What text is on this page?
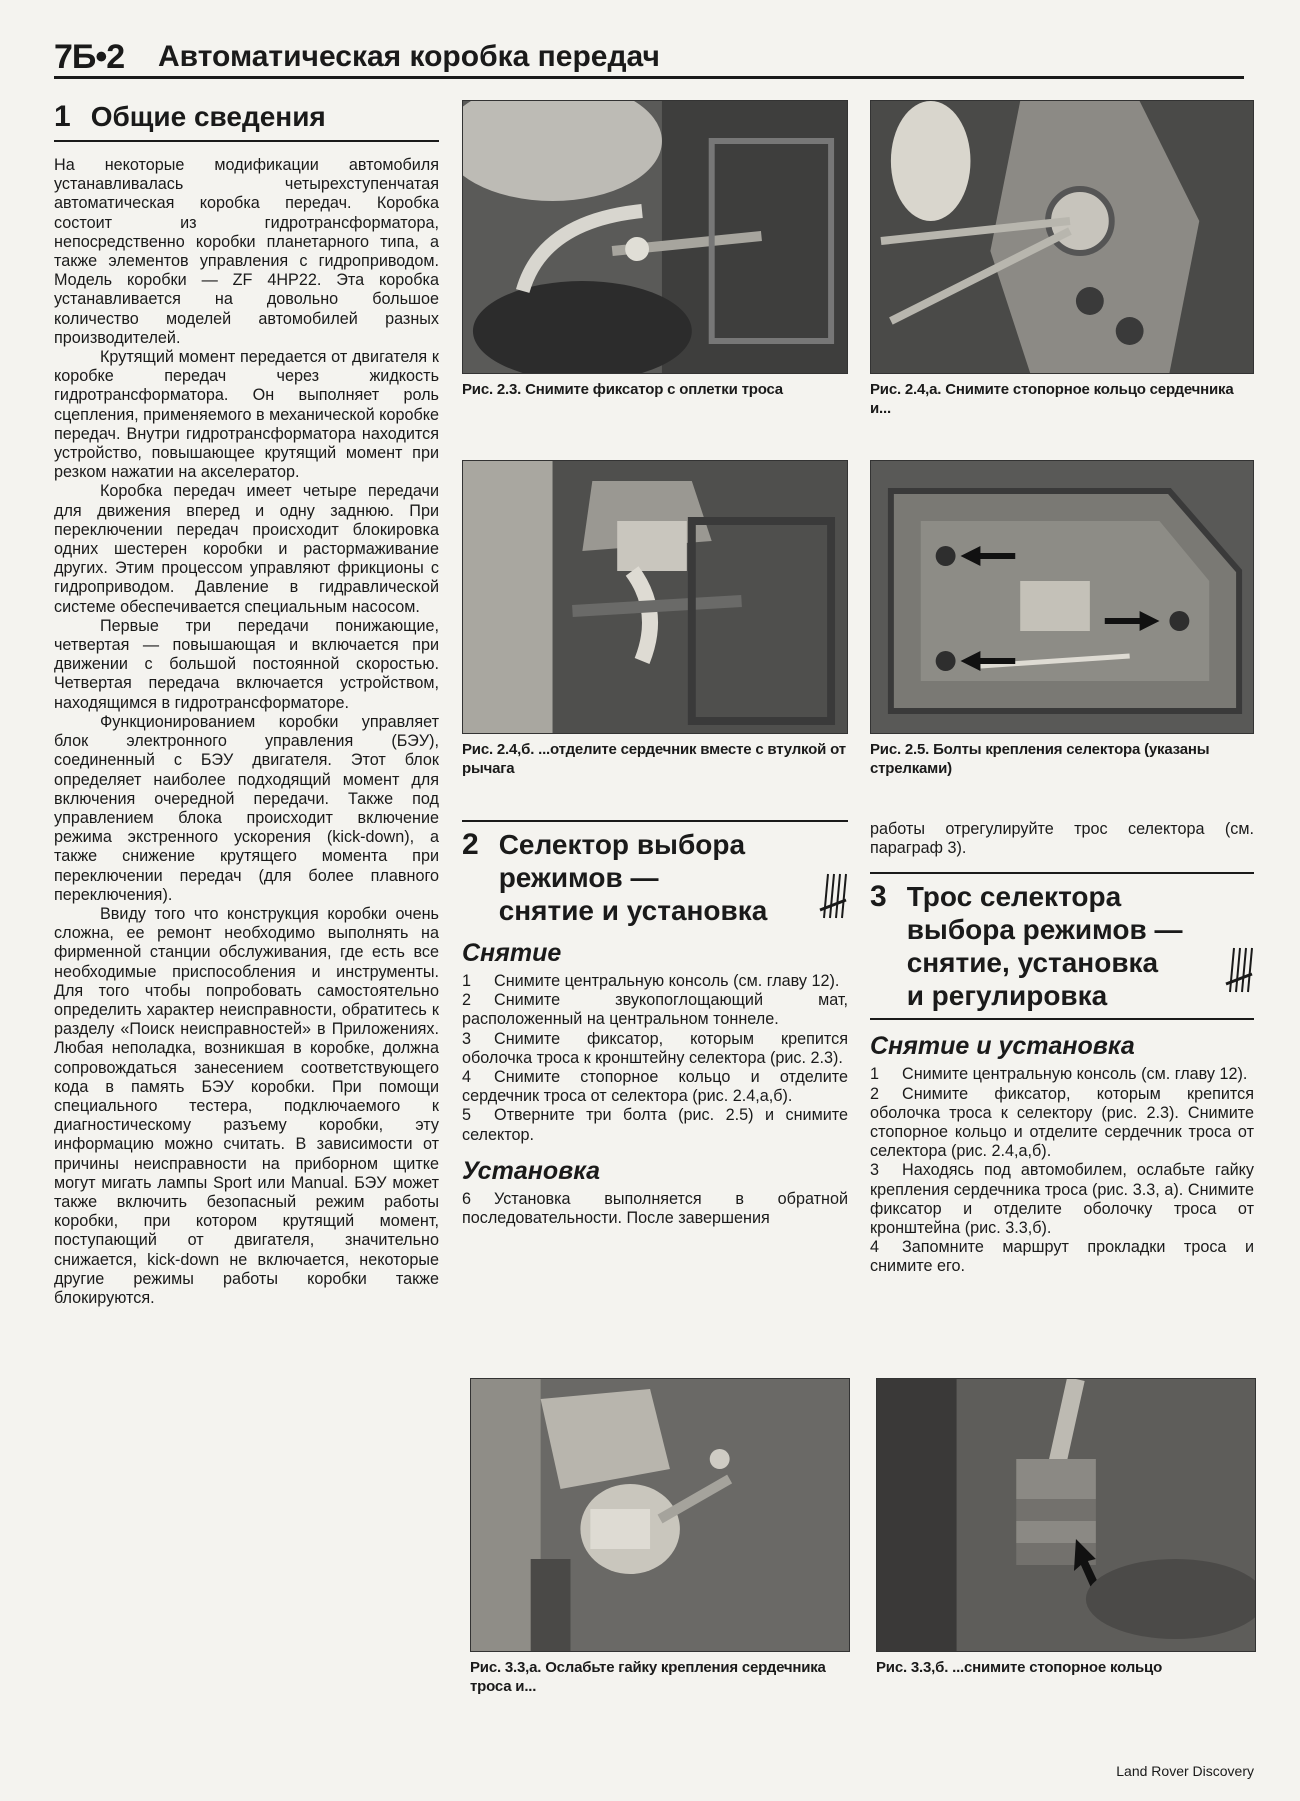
7Б•2 Автоматическая коробка передач
1 Общие сведения

На некоторые модификации автомобиля устанавливалась четырехступенчатая автоматическая коробка передач. Коробка состоит из гидротрансформатора, непосредственно коробки планетарного типа, а также элементов управления с гидроприводом. Модель коробки — ZF 4HP22. Эта коробка устанавливается на довольно большое количество моделей автомобилей разных производителей.

Крутящий момент передается от двигателя к коробке передач через жидкость гидротрансформатора. Он выполняет роль сцепления, применяемого в механической коробке передач. Внутри гидротрансформатора находится устройство, повышающее крутящий момент при резком нажатии на акселератор.

Коробка передач имеет четыре передачи для движения вперед и одну заднюю. При переключении передач происходит блокировка одних шестерен коробки и растормаживание других. Этим процессом управляют фрикционы с гидроприводом. Давление в гидравлической системе обеспечивается специальным насосом.

Первые три передачи понижающие, четвертая — повышающая и включается при движении с большой постоянной скоростью. Четвертая передача включается устройством, находящимся в гидротрансформаторе.

Функционированием коробки управляет блок электронного управления (БЭУ), соединенный с БЭУ двигателя. Этот блок определяет наиболее подходящий момент для включения очередной передачи. Также под управлением блока происходит включение режима экстренного ускорения (kick-down), а также снижение крутящего момента при переключении передач (для более плавного переключения).

Ввиду того что конструкция коробки очень сложна, ее ремонт необходимо выполнять на фирменной станции обслуживания, где есть все необходимые приспособления и инструменты. Для того чтобы попробовать самостоятельно определить характер неисправности, обратитесь к разделу «Поиск неисправностей» в Приложениях. Любая неполадка, возникшая в коробке, должна сопровождаться занесением соответствующего кода в память БЭУ коробки. При помощи специального тестера, подключаемого к диагностическому разъему коробки, эту информацию можно считать. В зависимости от причины неисправности на приборном щитке могут мигать лампы Sport или Manual. БЭУ может также включить безопасный режим работы коробки, при котором крутящий момент, поступающий от двигателя, значительно снижается, kick-down не включается, некоторые другие режимы работы коробки также блокируются.

Рис. 2.3. Снимите фиксатор с оплетки троса	Рис. 2.4,а. Снимите стопорное кольцо сердечника и...
Рис. 2.4,б. ...отделите сердечник вместе с втулкой от рычага
Рис. 2.5. Болты крепления селектора (указаны стрелками)
2 Селектор выбора
режимов —
снятие и установка
Снятие

1 Снимите центральную консоль (см. главу 12).

2 Снимите звукопоглощающий мат, расположенный на центральном тоннеле.

3 Снимите фиксатор, которым крепится оболочка троса к кронштейну селектора (рис. 2.3).

4 Снимите стопорное кольцо и отделите сердечник троса от селектора (рис. 2.4,а,б).

5 Отверните три болта (рис. 2.5) и снимите селектор.

Установка

6 Установка выполняется в обратной последовательности. После завершения

работы отрегулируйте трос селектора (см. параграф 3).

3 Трос селектора
выбора режимов —
снятие, установка
и регулировка
Снятие и установка

1 Снимите центральную консоль (см. главу 12).

2 Снимите фиксатор, которым крепится оболочка троса к селектору (рис. 2.3). Снимите стопорное кольцо и отделите сердечник троса от селектора (рис. 2.4,а,б).

3 Находясь под автомобилем, ослабьте гайку крепления сердечника троса (рис. 3.3, а). Снимите фиксатор и отделите оболочку троса от кронштейна (рис. 3.3,б).

4 Запомните маршрут прокладки троса и снимите его.

Рис. 3.3,а. Ослабьте гайку крепления сердечника троса и...
Рис. 3.3,б. ...снимите стопорное кольцо
Land Rover Discovery
